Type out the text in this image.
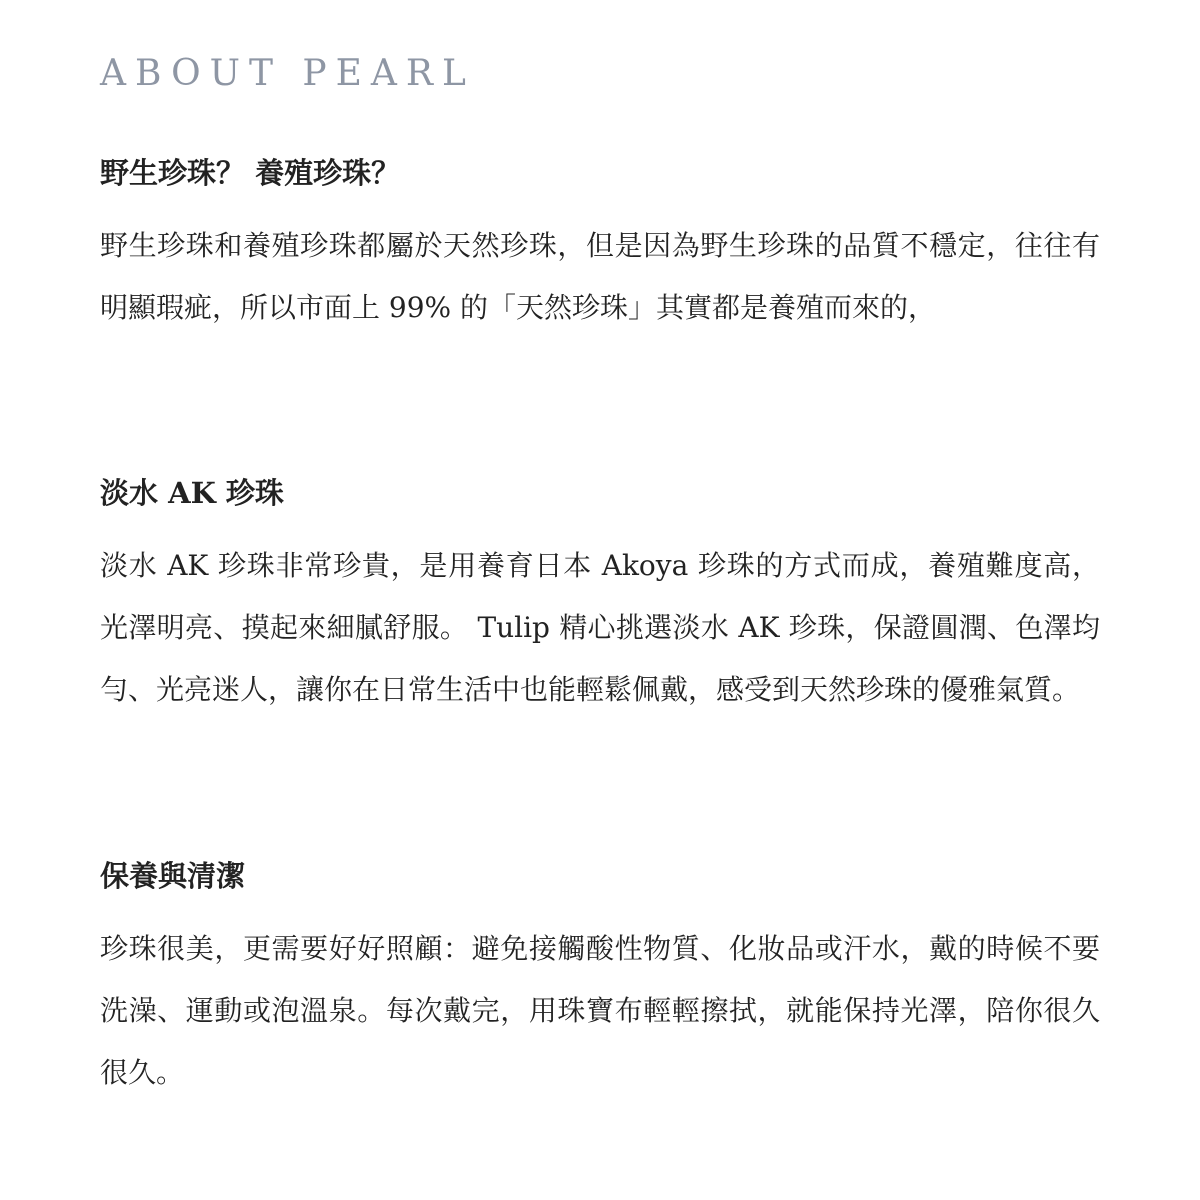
ABOUT PEARL
野生珍珠？ 養殖珍珠？

野生珍珠和養殖珍珠都屬於天然珍珠，但是因為野生珍珠的品質不穩定，往往有明顯瑕疵，所以市面上 99% 的「天然珍珠」其實都是養殖而來的，

淡水 AK 珍珠

淡水 AK 珍珠非常珍貴，是用養育日本 Akoya 珍珠的方式而成，養殖難度高，光澤明亮、摸起來細膩舒服。 Tulip 精心挑選淡水 AK 珍珠，保證圓潤、色澤均勻、光亮迷人，讓你在日常生活中也能輕鬆佩戴，感受到天然珍珠的優雅氣質。

保養與清潔

珍珠很美，更需要好好照顧：避免接觸酸性物質、化妝品或汗水，戴的時候不要洗澡、運動或泡溫泉。每次戴完，用珠寶布輕輕擦拭，就能保持光澤，陪你很久很久。
